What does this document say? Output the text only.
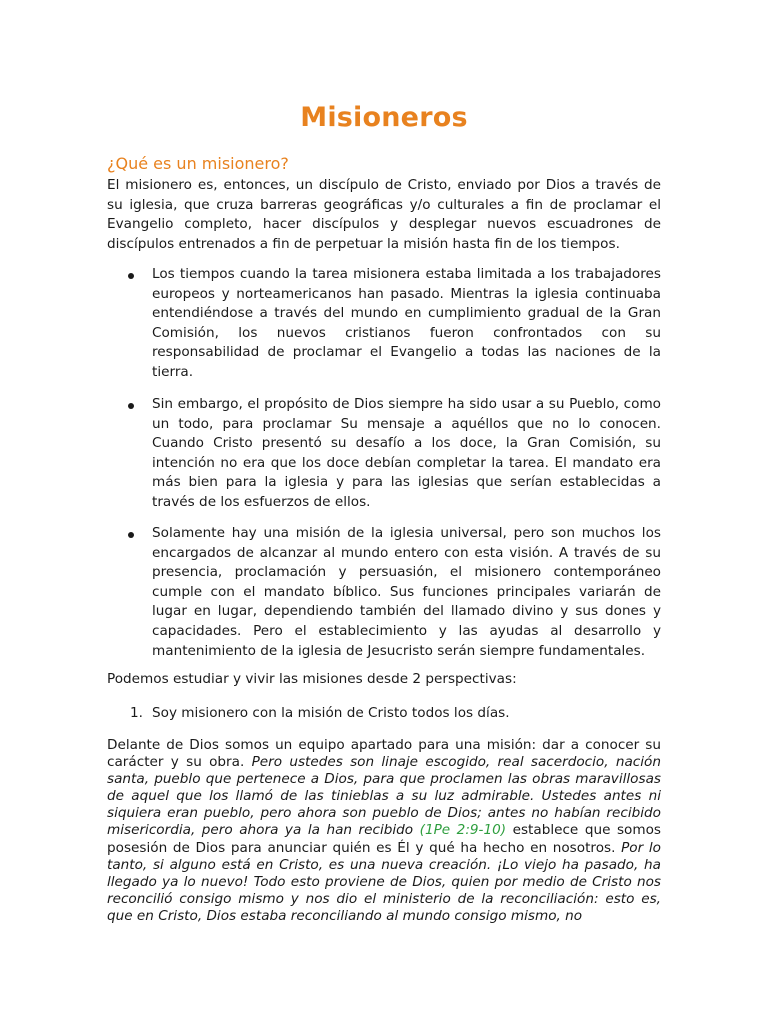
Misioneros
¿Qué es un misionero?

El misionero es, entonces, un discípulo de Cristo, enviado por Dios a través de su iglesia, que cruza barreras geográficas y/o culturales a fin de proclamar el Evangelio completo, hacer discípulos y desplegar nuevos escuadrones de discípulos entrenados a fin de perpetuar la misión hasta fin de los tiempos.

Los tiempos cuando la tarea misionera estaba limitada a los trabajadores europeos y norteamericanos han pasado. Mientras la iglesia continuaba entendiéndose a través del mundo en cumplimiento gradual de la Gran Comisión, los nuevos cristianos fueron confrontados con su responsabilidad de proclamar el Evangelio a todas las naciones de la tierra.

Sin embargo, el propósito de Dios siempre ha sido usar a su Pueblo, como un todo, para proclamar Su mensaje a aquéllos que no lo conocen. Cuando Cristo presentó su desafío a los doce, la Gran Comisión, su intención no era que los doce debían completar la tarea. El mandato era más bien para la iglesia y para las iglesias que serían establecidas a través de los esfuerzos de ellos.

Solamente hay una misión de la iglesia universal, pero son muchos los encargados de alcanzar al mundo entero con esta visión. A través de su presencia, proclamación y persuasión, el misionero contemporáneo cumple con el mandato bíblico. Sus funciones principales variarán de lugar en lugar, dependiendo también del llamado divino y sus dones y capacidades. Pero el establecimiento y las ayudas al desarrollo y mantenimiento de la iglesia de Jesucristo serán siempre fundamentales.

Podemos estudiar y vivir las misiones desde 2 perspectivas:

1. Soy misionero con la misión de Cristo todos los días.

Delante de Dios somos un equipo apartado para una misión: dar a conocer su carácter y su obra. Pero ustedes son linaje escogido, real sacerdocio, nación santa, pueblo que pertenece a Dios, para que proclamen las obras maravillosas de aquel que los llamó de las tinieblas a su luz admirable. Ustedes antes ni siquiera eran pueblo, pero ahora son pueblo de Dios; antes no habían recibido misericordia, pero ahora ya la han recibido (1Pe 2:9-10) establece que somos posesión de Dios para anunciar quién es Él y qué ha hecho en nosotros. Por lo tanto, si alguno está en Cristo, es una nueva creación. ¡Lo viejo ha pasado, ha llegado ya lo nuevo! Todo esto proviene de Dios, quien por medio de Cristo nos reconcilió consigo mismo y nos dio el ministerio de la reconciliación: esto es, que en Cristo, Dios estaba reconciliando al mundo consigo mismo, no
